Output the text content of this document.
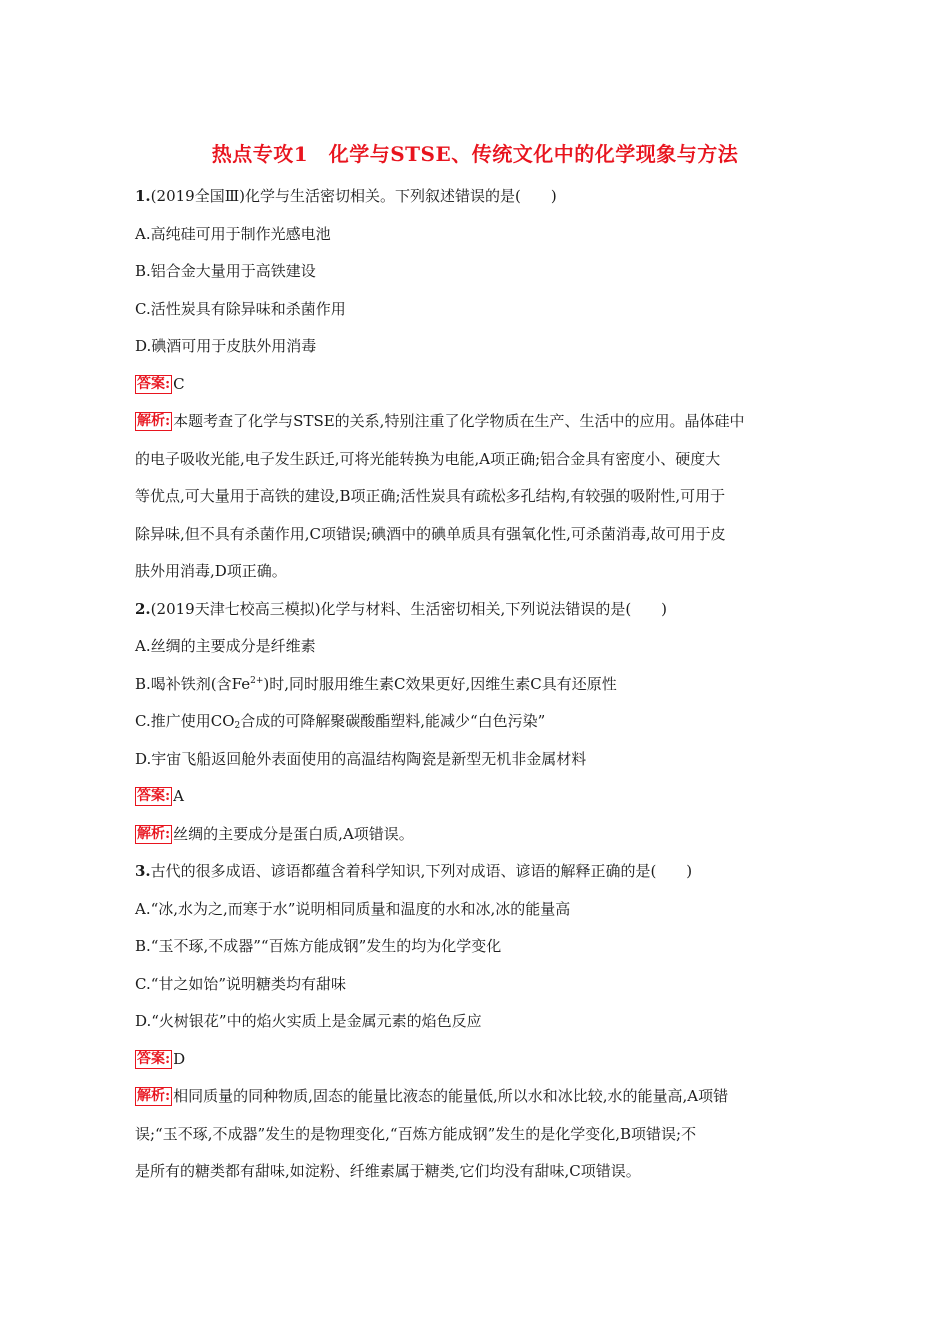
热点专攻1　化学与STSE、传统文化中的化学现象与方法
1.(2019全国Ⅲ)化学与生活密切相关。下列叙述错误的是(　　)
A.高纯硅可用于制作光感电池
B.铝合金大量用于高铁建设
C.活性炭具有除异味和杀菌作用
D.碘酒可用于皮肤外用消毒
答案: C
解析: 本题考查了化学与STSE的关系,特别注重了化学物质在生产、生活中的应用。晶体硅中
的电子吸收光能,电子发生跃迁,可将光能转换为电能,A项正确;铝合金具有密度小、硬度大
等优点,可大量用于高铁的建设,B项正确;活性炭具有疏松多孔结构,有较强的吸附性,可用于
除异味,但不具有杀菌作用,C项错误;碘酒中的碘单质具有强氧化性,可杀菌消毒,故可用于皮
肤外用消毒,D项正确。
2.(2019天津七校高三模拟)化学与材料、生活密切相关,下列说法错误的是(　　)
A.丝绸的主要成分是纤维素
B.喝补铁剂(含$Fe^{2+}$)时,同时服用维生素C效果更好,因维生素C具有还原性
C.推广使用$CO_2$合成的可降解聚碳酸酯塑料,能减少“白色污染”
D.宇宙飞船返回舱外表面使用的高温结构陶瓷是新型无机非金属材料
答案: A
解析: 丝绸的主要成分是蛋白质,A项错误。
3.古代的很多成语、谚语都蕴含着科学知识,下列对成语、谚语的解释正确的是(　　)
A.“冰,水为之,而寒于水”说明相同质量和温度的水和冰,冰的能量高
B.“玉不琢,不成器”“百炼方能成钢”发生的均为化学变化
C.“甘之如饴”说明糖类均有甜味
D.“火树银花”中的焰火实质上是金属元素的焰色反应
答案: D
解析: 相同质量的同种物质,固态的能量比液态的能量低,所以水和冰比较,水的能量高,A项错
误;“玉不琢,不成器”发生的是物理变化,“百炼方能成钢”发生的是化学变化,B项错误;不
是所有的糖类都有甜味,如淀粉、纤维素属于糖类,它们均没有甜味,C项错误。
